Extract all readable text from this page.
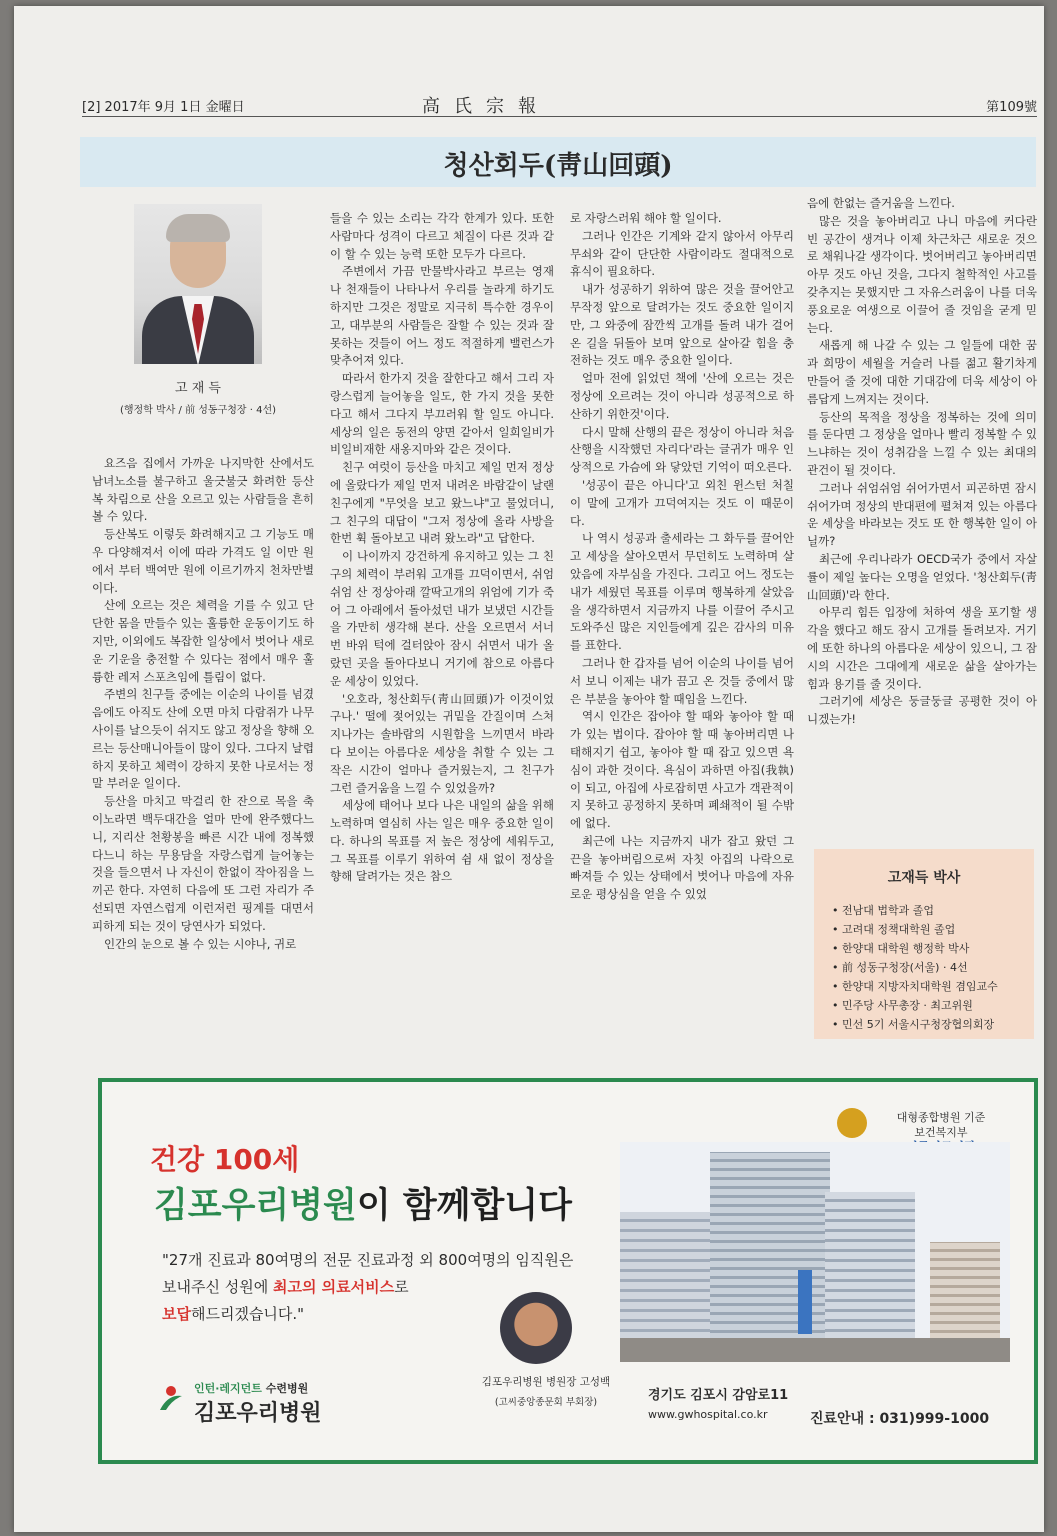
[2] 2017年 9月 1日 金曜日	高氏宗報	第109號
청산회두(靑山回頭)
고 재 득
(행정학 박사 / 前 성동구청장 · 4선)

요즈음 집에서 가까운 나지막한 산에서도 남녀노소를 불구하고 울긋불긋 화려한 등산복 차림으로 산을 오르고 있는 사람들을 흔히 볼 수 있다.

등산복도 이렇듯 화려해지고 그 기능도 매우 다양해져서 이에 따라 가격도 일 이만 원에서 부터 백여만 원에 이르기까지 천차만별이다.

산에 오르는 것은 체력을 기를 수 있고 단단한 몸을 만들수 있는 훌륭한 운동이기도 하지만, 이외에도 복잡한 일상에서 벗어나 새로운 기운을 충전할 수 있다는 점에서 매우 훌륭한 레저 스포츠임에 틀림이 없다.

주변의 친구들 중에는 이순의 나이를 넘겼음에도 아직도 산에 오면 마치 다람쥐가 나무사이를 날으듯이 쉬지도 않고 정상을 향해 오르는 등산매니아들이 많이 있다. 그다지 날렵하지 못하고 체력이 강하지 못한 나로서는 정말 부러운 일이다.

등산을 마치고 막걸리 한 잔으로 목을 축이노라면 백두대간을 얼마 만에 완주했다느니, 지리산 천황봉을 빠른 시간 내에 정복했다느니 하는 무용담을 자랑스럽게 늘어놓는 것을 들으면서 나 자신이 한없이 작아짐을 느끼곤 한다. 자연히 다음에 또 그런 자리가 주선되면 자연스럽게 이런저런 핑계를 대면서 피하게 되는 것이 당연사가 되었다.

인간의 눈으로 볼 수 있는 시야나, 귀로

들을 수 있는 소리는 각각 한계가 있다. 또한 사람마다 성격이 다르고 체질이 다른 것과 같이 할 수 있는 능력 또한 모두가 다르다.

주변에서 가끔 만물박사라고 부르는 영재나 천재들이 나타나서 우리를 놀라게 하기도 하지만 그것은 정말로 지극히 특수한 경우이고, 대부분의 사람들은 잘할 수 있는 것과 잘 못하는 것들이 어느 정도 적절하게 밸런스가 맞추어져 있다.

따라서 한가지 것을 잘한다고 해서 그리 자랑스럽게 늘어놓을 일도, 한 가지 것을 못한다고 해서 그다지 부끄러워 할 일도 아니다. 세상의 일은 동전의 양면 같아서 일희일비가 비일비재한 새옹지마와 같은 것이다.

친구 여럿이 등산을 마치고 제일 먼저 정상에 올랐다가 제일 먼저 내려온 바람같이 날랜 친구에게 "무엇을 보고 왔느냐"고 물었더니, 그 친구의 대답이 "그저 정상에 올라 사방을 한번 휙 돌아보고 내려 왔노라"고 답한다.

이 나이까지 강건하게 유지하고 있는 그 친구의 체력이 부러워 고개를 끄덕이면서, 쉬엄쉬엄 산 정상아래 깔딱고개의 위엄에 기가 죽어 그 아래에서 돌아섰던 내가 보냈던 시간들을 가만히 생각해 본다. 산을 오르면서 서너 번 바위 턱에 걸터앉아 잠시 쉬면서 내가 올랐던 곳을 돌아다보니 거기에 참으로 아름다운 세상이 있었다.

'오호라, 청산회두(靑山回頭)가 이것이었구나.' 떨에 젖어있는 귀밑을 간질이며 스쳐 지나가는 솔바람의 시원함을 느끼면서 바라다 보이는 아름다운 세상을 취할 수 있는 그 작은 시간이 얼마나 즐거웠는지, 그 친구가 그런 즐거움을 느낄 수 있었을까?

세상에 태어나 보다 나은 내일의 삶을 위해 노력하며 열심히 사는 일은 매우 중요한 일이다. 하나의 목표를 저 높은 정상에 세워두고, 그 목표를 이루기 위하여 쉼 새 없이 정상을 향해 달려가는 것은 참으

로 자랑스러워 해야 할 일이다.

그러나 인간은 기계와 같지 않아서 아무리 무쇠와 같이 단단한 사람이라도 절대적으로 휴식이 필요하다.

내가 성공하기 위하여 많은 것을 끌어안고 무작정 앞으로 달려가는 것도 중요한 일이지만, 그 와중에 잠깐씩 고개를 돌려 내가 걸어온 길을 뒤돌아 보며 앞으로 살아갈 힘을 충전하는 것도 매우 중요한 일이다.

얼마 전에 읽었던 책에 '산에 오르는 것은 정상에 오르려는 것이 아니라 성공적으로 하산하기 위한것'이다.

다시 말해 산행의 끝은 정상이 아니라 처음 산행을 시작했던 자리다'라는 글귀가 매우 인상적으로 가슴에 와 닿았던 기억이 떠오른다.

'성공이 끝은 아니다'고 외친 윈스턴 처칠이 말에 고개가 끄덕여지는 것도 이 때문이다.

나 역시 성공과 출세라는 그 화두를 끌어안고 세상을 살아오면서 무던히도 노력하며 살았음에 자부심을 가진다. 그리고 어느 정도는 내가 세웠던 목표를 이루며 행복하게 살았음을 생각하면서 지금까지 나를 이끌어 주시고 도와주신 많은 지인들에게 깊은 감사의 미유를 표한다.

그러나 한 갑자를 넘어 이순의 나이를 넘어서 보니 이제는 내가 끔고 온 것들 중에서 많은 부분을 놓아야 할 때임을 느낀다.

역시 인간은 잡아야 할 때와 놓아야 할 때가 있는 법이다. 잡아야 할 때 놓아버리면 나태해지기 쉽고, 놓아야 할 때 잡고 있으면 욕심이 과한 것이다. 욕심이 과하면 아집(我執)이 되고, 아집에 사로잡히면 사고가 객관적이지 못하고 공정하지 못하며 폐쇄적이 될 수밖에 없다.

최근에 나는 지금까지 내가 잡고 왔던 그 끈을 놓아버림으로써 자칫 아집의 나락으로 빠져들 수 있는 상태에서 벗어나 마음에 자유로운 평상심을 얻을 수 있었

음에 한없는 즐거움을 느낀다.

많은 것을 놓아버리고 나니 마음에 커다란 빈 공간이 생겨나 이제 차근차근 새로운 것으로 채워나갈 생각이다. 벗어버리고 놓아버리면 아무 것도 아닌 것을, 그다지 철학적인 사고를 갖추지는 못했지만 그 자유스러움이 나를 더욱 풍요로운 여생으로 이끌어 줄 것임을 굳게 믿는다.

새롭게 해 나갈 수 있는 그 일들에 대한 꿈과 희망이 세월을 거슬러 나를 젊고 활기차게 만들어 줄 것에 대한 기대감에 더욱 세상이 아름답게 느껴지는 것이다.

등산의 목적을 정상을 정복하는 것에 의미를 둔다면 그 정상을 얼마나 빨리 정복할 수 있느냐하는 것이 성취감을 느낄 수 있는 최대의 관건이 될 것이다.

그러나 쉬엄쉬엄 쉬어가면서 피곤하면 잠시 쉬어가며 정상의 반대편에 펼쳐져 있는 아름다운 세상을 바라보는 것도 또 한 행복한 일이 아닐까?

최근에 우리나라가 OECD국가 중에서 자살률이 제일 높다는 오명을 얻었다. '청산회두(靑山回頭)'라 한다.

아무리 힘든 입장에 처하여 생을 포기할 생각을 했다고 해도 잠시 고개를 돌려보자. 거기에 또한 하나의 아름다운 세상이 있으니, 그 잠시의 시간은 그대에게 새로운 삶을 살아가는 힘과 용기를 줄 것이다.

그러기에 세상은 둥글둥글 공평한 것이 아니겠는가!

고재득 박사
• 전남대 법학과 졸업
• 고려대 정책대학원 졸업
• 한양대 대학원 행정학 박사
• 前 성동구청장(서울) · 4선
• 한양대 지방자치대학원 겸임교수
• 민주당 사무총장 · 최고위원
• 민선 5기 서울시구청장협의회장
건강 100세
김포우리병원이 함께합니다
"27개 진료과 80여명의 전문 진료과정 외 800여명의 임직원은
보내주신 성원에 최고의 의료서비스로
보답해드리겠습니다."
대형종합병원 기준
보건복지부
김포우리병원 병원장 고성백
(고씨중앙종문회 부회장)
인턴·레지던트 수련병원
김포우리병원
경기도 김포시 감암로11
www.gwhospital.co.kr	진료안내 : 031)999-1000
